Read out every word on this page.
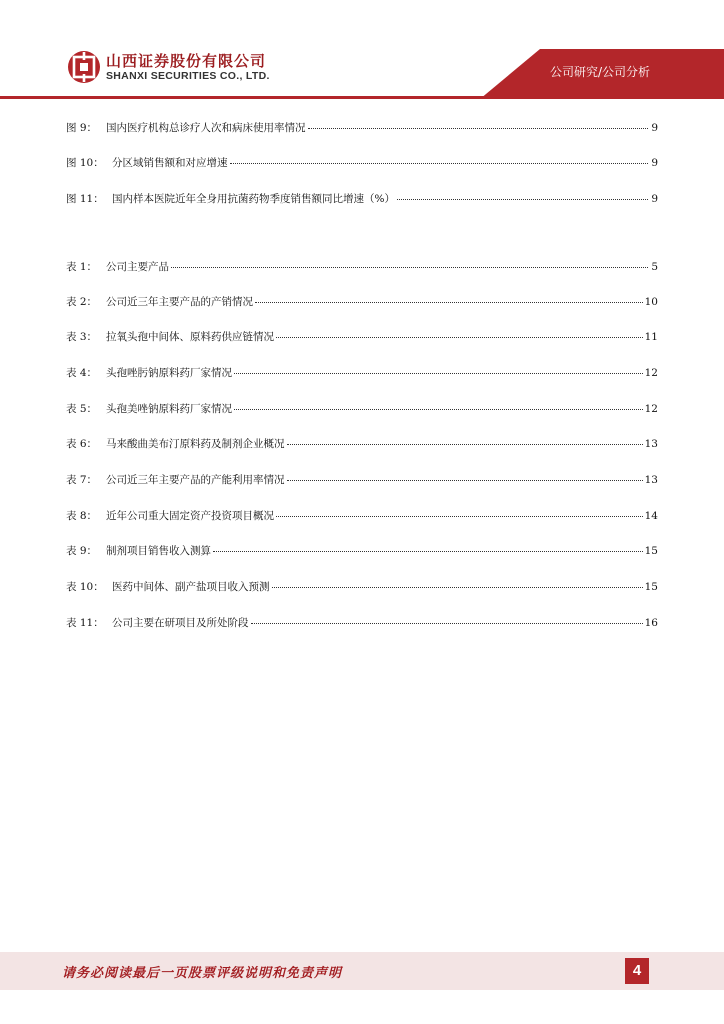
山西证券股份有限公司
SHANXI SECURITIES CO., LTD.	公司研究/公司分析
图 9： 国内医疗机构总诊疗人次和病床使用率情况	9
图 10： 分区域销售额和对应增速	9
图 11： 国内样本医院近年全身用抗菌药物季度销售额同比增速（%）	9
表 1： 公司主要产品	5
表 2： 公司近三年主要产品的产销情况	10
表 3： 拉氧头孢中间体、原料药供应链情况	11
表 4： 头孢唑肟钠原料药厂家情况	12
表 5： 头孢美唑钠原料药厂家情况	12
表 6： 马来酸曲美布汀原料药及制剂企业概况	13
表 7： 公司近三年主要产品的产能利用率情况	13
表 8： 近年公司重大固定资产投资项目概况	14
表 9： 制剂项目销售收入测算	15
表 10： 医药中间体、副产盐项目收入预测	15
表 11： 公司主要在研项目及所处阶段	16
请务必阅读最后一页股票评级说明和免责声明	4
